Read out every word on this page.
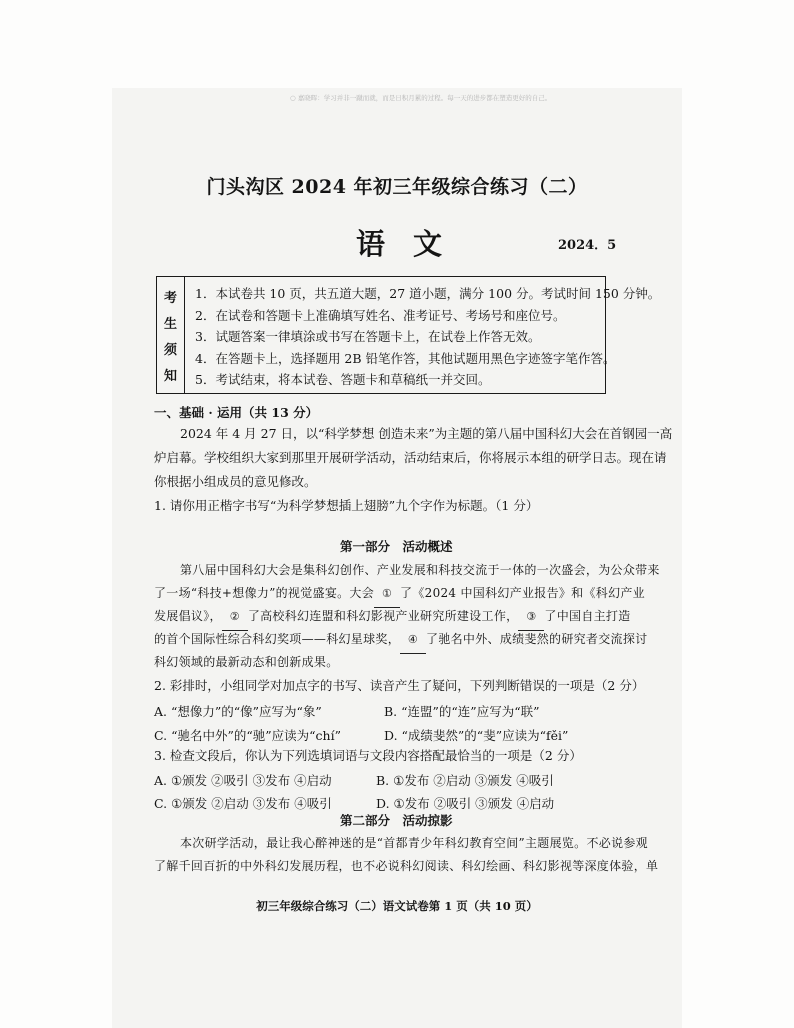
○ 嘉晓晖：学习并非一蹴而就，而是日积月累的过程。每一天的进步都在塑造更好的自己。
门头沟区 2024 年初三年级综合练习（二）
语文	2024．5
考
生
须
知
1．本试卷共 10 页，共五道大题，27 道小题，满分 100 分。考试时间 150 分钟。
2．在试卷和答题卡上准确填写姓名、准考证号、考场号和座位号。
3．试题答案一律填涂或书写在答题卡上，在试卷上作答无效。
4．在答题卡上，选择题用 2B 铅笔作答，其他试题用黑色字迹签字笔作答。
5．考试结束，将本试卷、答题卡和草稿纸一并交回。
一、基础 · 运用（共 13 分）
2024 年 4 月 27 日，以“科学梦想 创造未来”为主题的第八届中国科幻大会在首钢园一高
炉启幕。学校组织大家到那里开展研学活动，活动结束后，你将展示本组的研学日志。现在请
你根据小组成员的意见修改。
1. 请你用正楷字书写“为科学梦想插上翅膀”九个字作为标题。（1 分）
第一部分　活动概述
第八届中国科幻大会是集科幻创作、产业发展和科技交流于一体的一次盛会，为公众带来
了一场“科技+想像力”的视觉盛宴。大会 ① 了《2024 中国科幻产业报告》和《科幻产业
发展倡议》， ② 了高校科幻连盟和科幻影视产业研究所建设工作， ③ 了中国自主打造
的首个国际性综合科幻奖项——科幻星球奖， ④ 了驰名中外、成绩斐然的研究者交流探讨
科幻领域的最新动态和创新成果。
2. 彩排时，小组同学对加点字的书写、读音产生了疑问，下列判断错误的一项是（2 分）
A. “想像力”的“像”应写为“象”	B. “连盟”的“连”应写为“联”
C. “驰名中外”的“驰”应读为“chí”	D. “成绩斐然”的“斐”应读为“fěi”
3. 检查文段后，你认为下列选填词语与文段内容搭配最恰当的一项是（2 分）
A. ①颁发 ②吸引 ③发布 ④启动	B. ①发布 ②启动 ③颁发 ④吸引
C. ①颁发 ②启动 ③发布 ④吸引	D. ①发布 ②吸引 ③颁发 ④启动
第二部分　活动掠影
本次研学活动，最让我心醉神迷的是“首都青少年科幻教育空间”主题展览。不必说参观
了解千回百折的中外科幻发展历程，也不必说科幻阅读、科幻绘画、科幻影视等深度体验，单
初三年级综合练习（二）语文试卷第 1 页（共 10 页）
